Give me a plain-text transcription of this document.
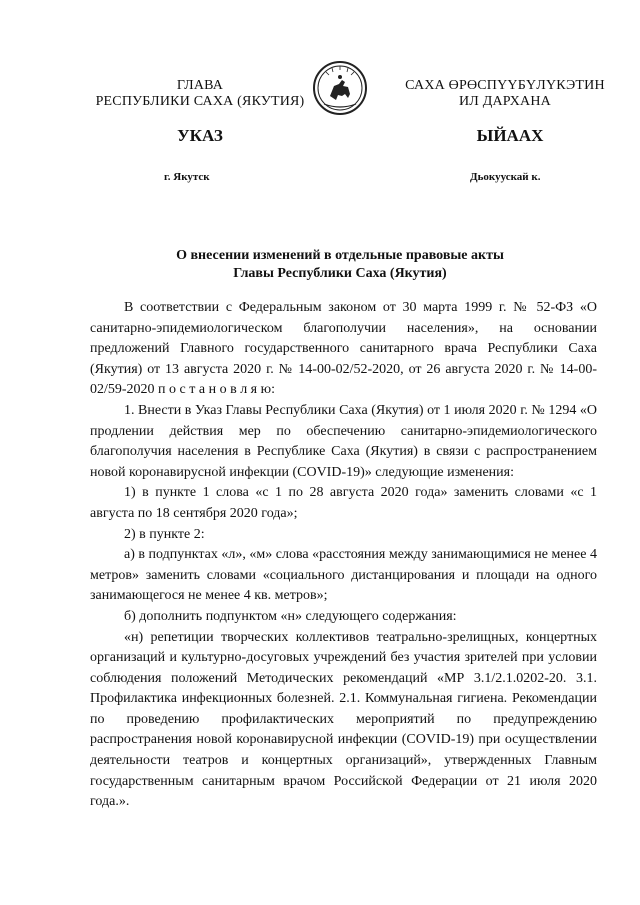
ГЛАВА
РЕСПУБЛИКИ САХА (ЯКУТИЯ)
САХА ӨРӨСПҮҮБҮЛҮКЭТИН
ИЛ ДАРХАНА
УКАЗ	ЫЙААХ
г. Якутск	Дьокуускай к.
О внесении изменений в отдельные правовые акты
Главы Республики Саха (Якутия)

В соответствии с Федеральным законом от 30 марта 1999 г. № 52-ФЗ «О санитарно-эпидемиологическом благополучии населения», на основании предложений Главного государственного санитарного врача Республики Саха (Якутия) от 13 августа 2020 г. № 14-00-02/52-2020, от 26 августа 2020 г. № 14-00-02/59-2020 п о с т а н о в л я ю:

1. Внести в Указ Главы Республики Саха (Якутия) от 1 июля 2020 г. № 1294 «О продлении действия мер по обеспечению санитарно-эпидемиологического благополучия населения в Республике Саха (Якутия) в связи с распространением новой коронавирусной инфекции (COVID-19)» следующие изменения:

1) в пункте 1 слова «с 1 по 28 августа 2020 года» заменить словами «с 1 августа по 18 сентября 2020 года»;

2) в пункте 2:

а) в подпунктах «л», «м» слова «расстояния между занимающимися не менее 4 метров» заменить словами «социального дистанцирования и площади на одного занимающегося не менее 4 кв. метров»;

б) дополнить подпунктом «н» следующего содержания:

«н) репетиции творческих коллективов театрально-зрелищных, концертных организаций и культурно-досуговых учреждений без участия зрителей при условии соблюдения положений Методических рекомендаций «МР 3.1/2.1.0202-20. 3.1. Профилактика инфекционных болезней. 2.1. Коммунальная гигиена. Рекомендации по проведению профилактических мероприятий по предупреждению распространения новой коронавирусной инфекции (COVID-19) при осуществлении деятельности театров и концертных организаций», утвержденных Главным государственным санитарным врачом Российской Федерации от 21 июля 2020 года.».
